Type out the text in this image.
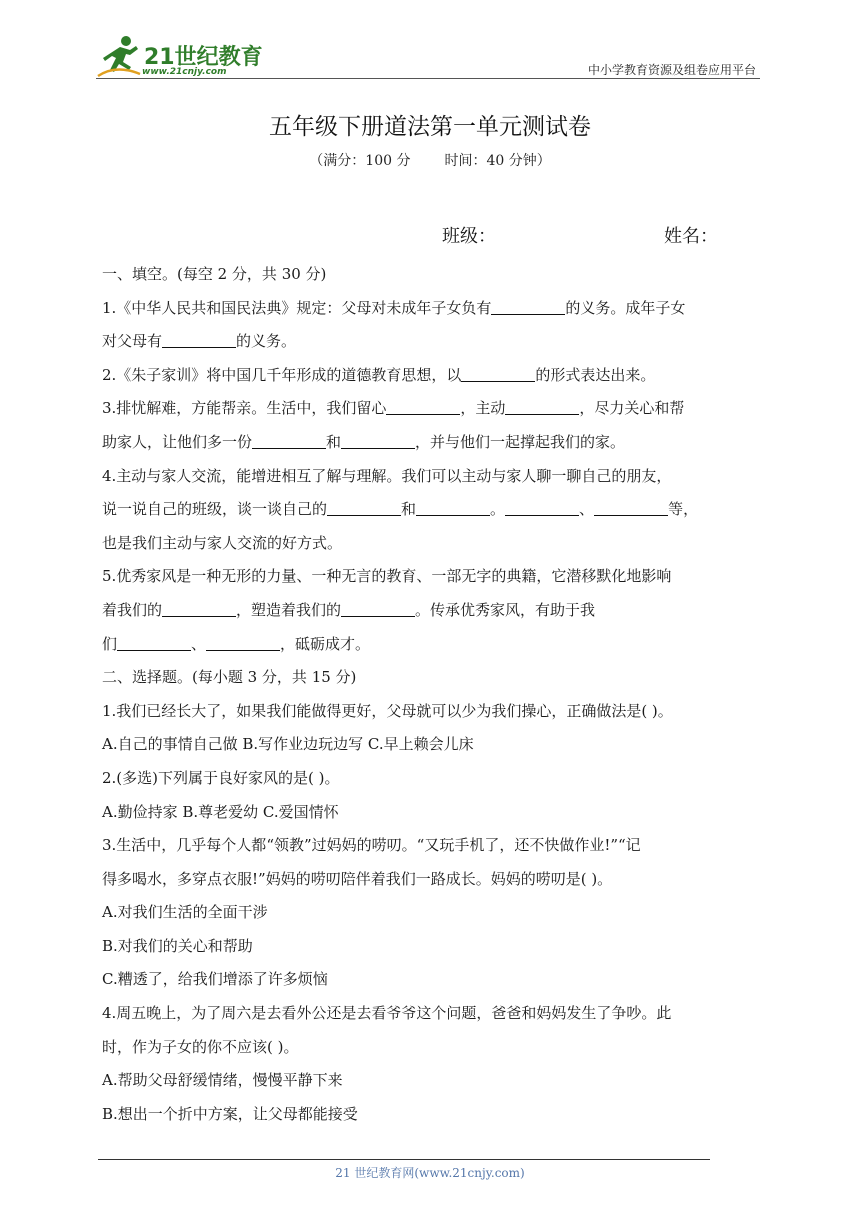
21世纪教育
www.21cnjy.com	中小学教育资源及组卷应用平台
五年级下册道法第一单元测试卷
（满分：100 分 时间：40 分钟）
班级：	姓名：
一、填空。(每空 2 分，共 30 分)
1.《中华人民共和国民法典》规定：父母对未成年子女负有	的义务。成年子女
对父母有	的义务。
2.《朱子家训》将中国几千年形成的道德教育思想，以	的形式表达出来。
3.排忧解难，方能帮亲。生活中，我们留心	，主动	，尽力关心和帮
助家人，让他们多一份	和	，并与他们一起撑起我们的家。
4.主动与家人交流，能增进相互了解与理解。我们可以主动与家人聊一聊自己的朋友，
说一说自己的班级，谈一谈自己的	和	。	、	等，
也是我们主动与家人交流的好方式。
5.优秀家风是一种无形的力量、一种无言的教育、一部无字的典籍，它潜移默化地影响
着我们的	，塑造着我们的	。传承优秀家风，有助于我
们	、	，砥砺成才。
二、选择题。(每小题 3 分，共 15 分)
1.我们已经长大了，如果我们能做得更好，父母就可以少为我们操心，正确做法是( )。
A.自己的事情自己做 B.写作业边玩边写 C.早上赖会儿床
2.(多选)下列属于良好家风的是( )。
A.勤俭持家 B.尊老爱幼 C.爱国情怀
3.生活中，几乎每个人都“领教”过妈妈的唠叨。“又玩手机了，还不快做作业!”“记
得多喝水，多穿点衣服!”妈妈的唠叨陪伴着我们一路成长。妈妈的唠叨是( )。
A.对我们生活的全面干涉
B.对我们的关心和帮助
C.糟透了，给我们增添了许多烦恼
4.周五晚上，为了周六是去看外公还是去看爷爷这个问题，爸爸和妈妈发生了争吵。此
时，作为子女的你不应该( )。
A.帮助父母舒缓情绪，慢慢平静下来
B.想出一个折中方案，让父母都能接受
21 世纪教育网(www.21cnjy.com)
